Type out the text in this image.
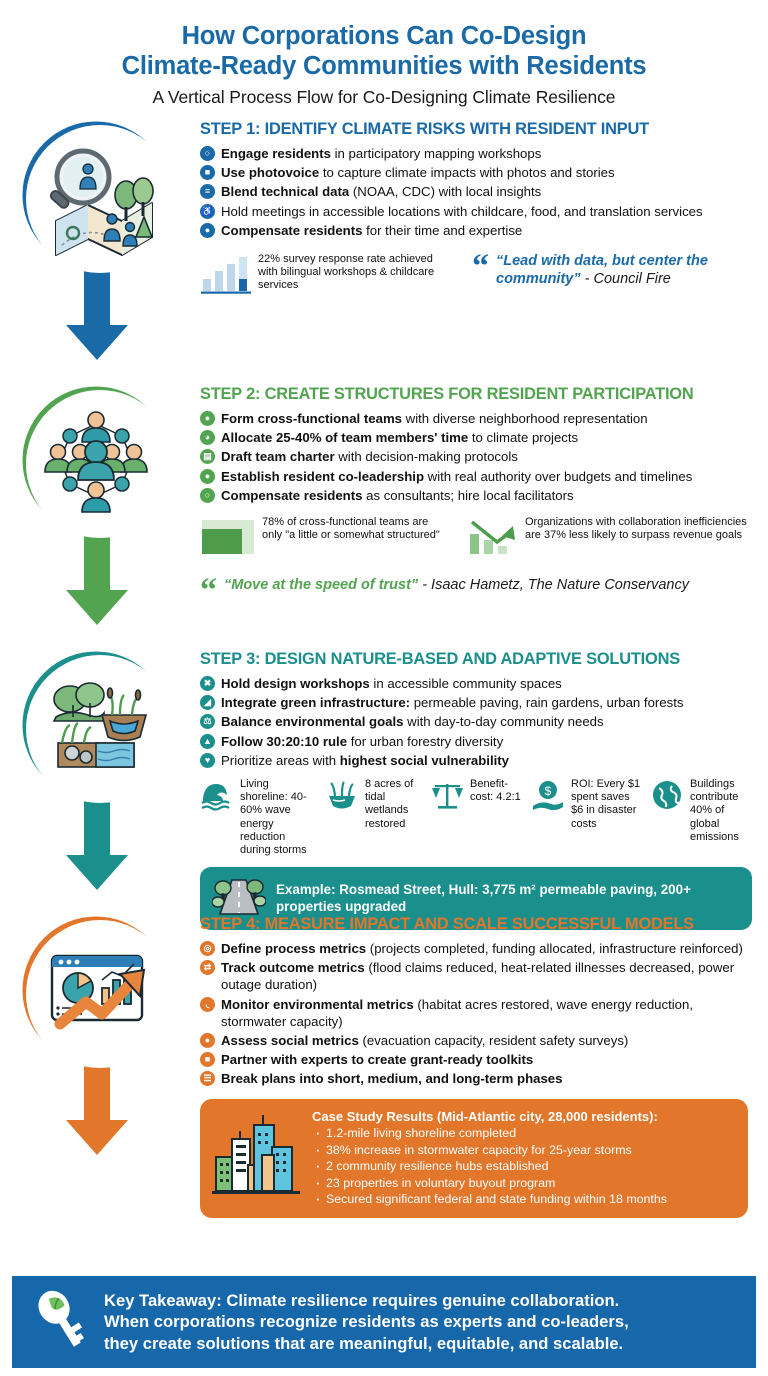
How Corporations Can Co-Design
Climate-Ready Communities with Residents
A Vertical Process Flow for Co-Designing Climate Resilience
STEP 1: IDENTIFY CLIMATE RISKS WITH RESIDENT INPUT
○ Engage residents in participatory mapping workshops
■ Use photovoice to capture climate impacts with photos and stories
≡ Blend technical data (NOAA, CDC) with local insights
♿ Hold meetings in accessible locations with childcare, food, and translation services
● Compensate residents for their time and expertise
22% survey response rate achieved with bilingual workshops & childcare services
“ “Lead with data, but center the community” - Council Fire
STEP 2: CREATE STRUCTURES FOR RESIDENT PARTICIPATION
● Form cross-functional teams with diverse neighborhood representation
◕ Allocate 25-40% of team members' time to climate projects
▤ Draft team charter with decision-making protocols
● Establish resident co-leadership with real authority over budgets and timelines
○ Compensate residents as consultants; hire local facilitators
78% of cross-functional teams are only "a little or somewhat structured"
Organizations with collaboration inefficiencies are 37% less likely to surpass revenue goals
“ “Move at the speed of trust” - Isaac Hametz, The Nature Conservancy
STEP 3: DESIGN NATURE-BASED AND ADAPTIVE SOLUTIONS
✖ Hold design workshops in accessible community spaces
◢ Integrate green infrastructure: permeable paving, rain gardens, urban forests
⚖ Balance environmental goals with day-to-day community needs
▲ Follow 30:20:10 rule for urban forestry diversity
♥ Prioritize areas with highest social vulnerability
Living shoreline: 40-60% wave energy reduction during storms
8 acres of tidal wetlands restored
Benefit-cost: 4.2:1 $ ROI: Every $1 spent saves $6 in disaster costs
Buildings contribute 40% of global emissions
Example: Rosmead Street, Hull: 3,775 m² permeable paving, 200+ properties upgraded
STEP 4: MEASURE IMPACT AND SCALE SUCCESSFUL MODELS
◎ Define process metrics (projects completed, funding allocated, infrastructure reinforced)
⇄ Track outcome metrics (flood claims reduced, heat-related illnesses decreased, power outage duration)
◟ Monitor environmental metrics (habitat acres restored, wave energy reduction, stormwater capacity)
● Assess social metrics (evacuation capacity, resident safety surveys)
■ Partner with experts to create grant-ready toolkits
☰ Break plans into short, medium, and long-term phases
Case Study Results (Mid-Atlantic city, 28,000 residents):
· 1.2-mile living shoreline completed
· 38% increase in stormwater capacity for 25-year storms
· 2 community resilience hubs established
· 23 properties in voluntary buyout program
· Secured significant federal and state funding within 18 months
Key Takeaway: Climate resilience requires genuine collaboration.
When corporations recognize residents as experts and co-leaders,
they create solutions that are meaningful, equitable, and scalable.
